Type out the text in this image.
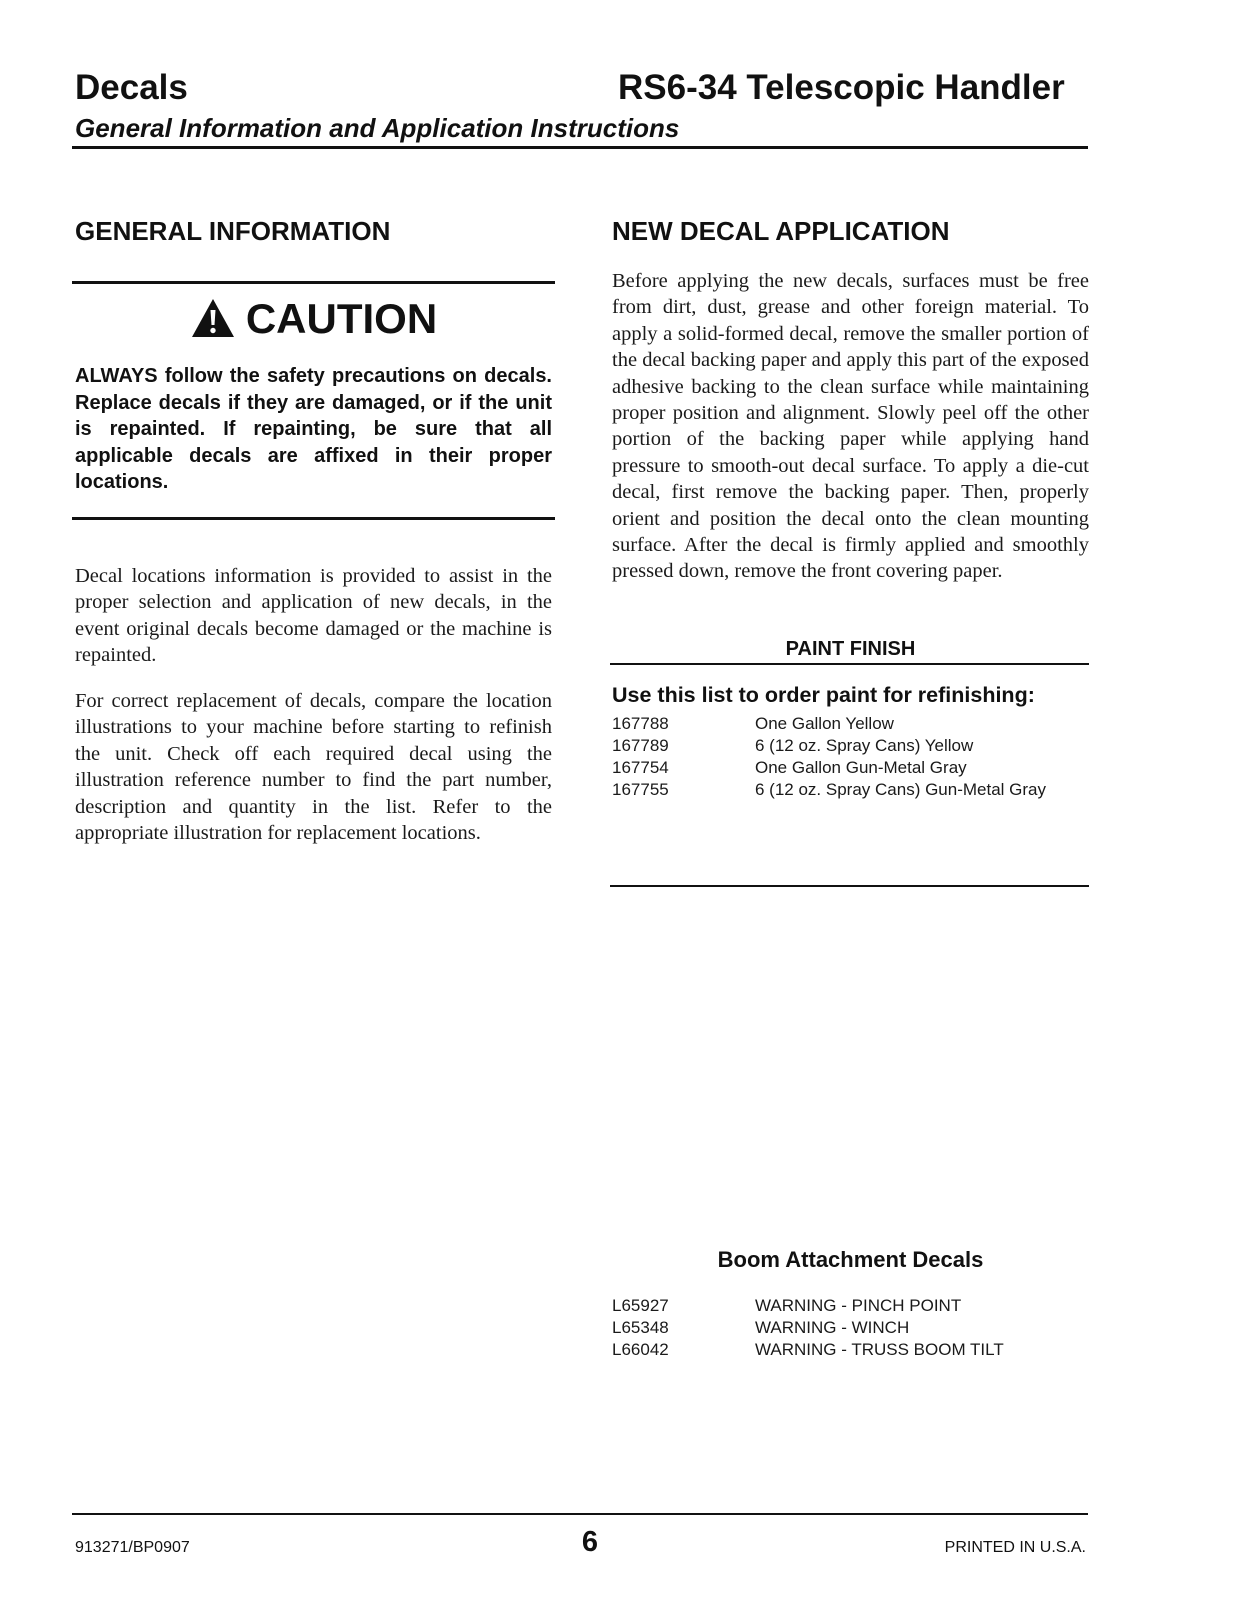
Decals	RS6-34 Telescopic Handler
General Information and Application Instructions
GENERAL INFORMATION
CAUTION
ALWAYS follow the safety precautions on decals. Replace decals if they are damaged, or if the unit is repainted. If repainting, be sure that all applicable decals are affixed in their proper locations.
Decal locations information is provided to assist in the proper selection and application of new decals, in the event original decals become damaged or the machine is repainted.
For correct replacement of decals, compare the location illustrations to your machine before starting to refinish the unit. Check off each required decal using the illustration reference number to find the part number, description and quantity in the list. Refer to the appropriate illustration for replacement locations.
NEW DECAL APPLICATION
Before applying the new decals, surfaces must be free from dirt, dust, grease and other foreign material. To apply a solid-formed decal, remove the smaller portion of the decal backing paper and apply this part of the exposed adhesive backing to the clean surface while maintaining proper position and alignment. Slowly peel off the other portion of the backing paper while applying hand pressure to smooth-out decal surface. To apply a die-cut decal, first remove the backing paper. Then, properly orient and position the decal onto the clean mounting surface. After the decal is firmly applied and smoothly pressed down, remove the front covering paper.
PAINT FINISH
Use this list to order paint for refinishing:
167788	One Gallon Yellow
167789	6 (12 oz. Spray Cans) Yellow
167754	One Gallon Gun-Metal Gray
167755	6 (12 oz. Spray Cans) Gun-Metal Gray
Boom Attachment Decals
L65927	WARNING - PINCH POINT
L65348	WARNING - WINCH
L66042	WARNING - TRUSS BOOM TILT
913271/BP0907	6	PRINTED IN U.S.A.
